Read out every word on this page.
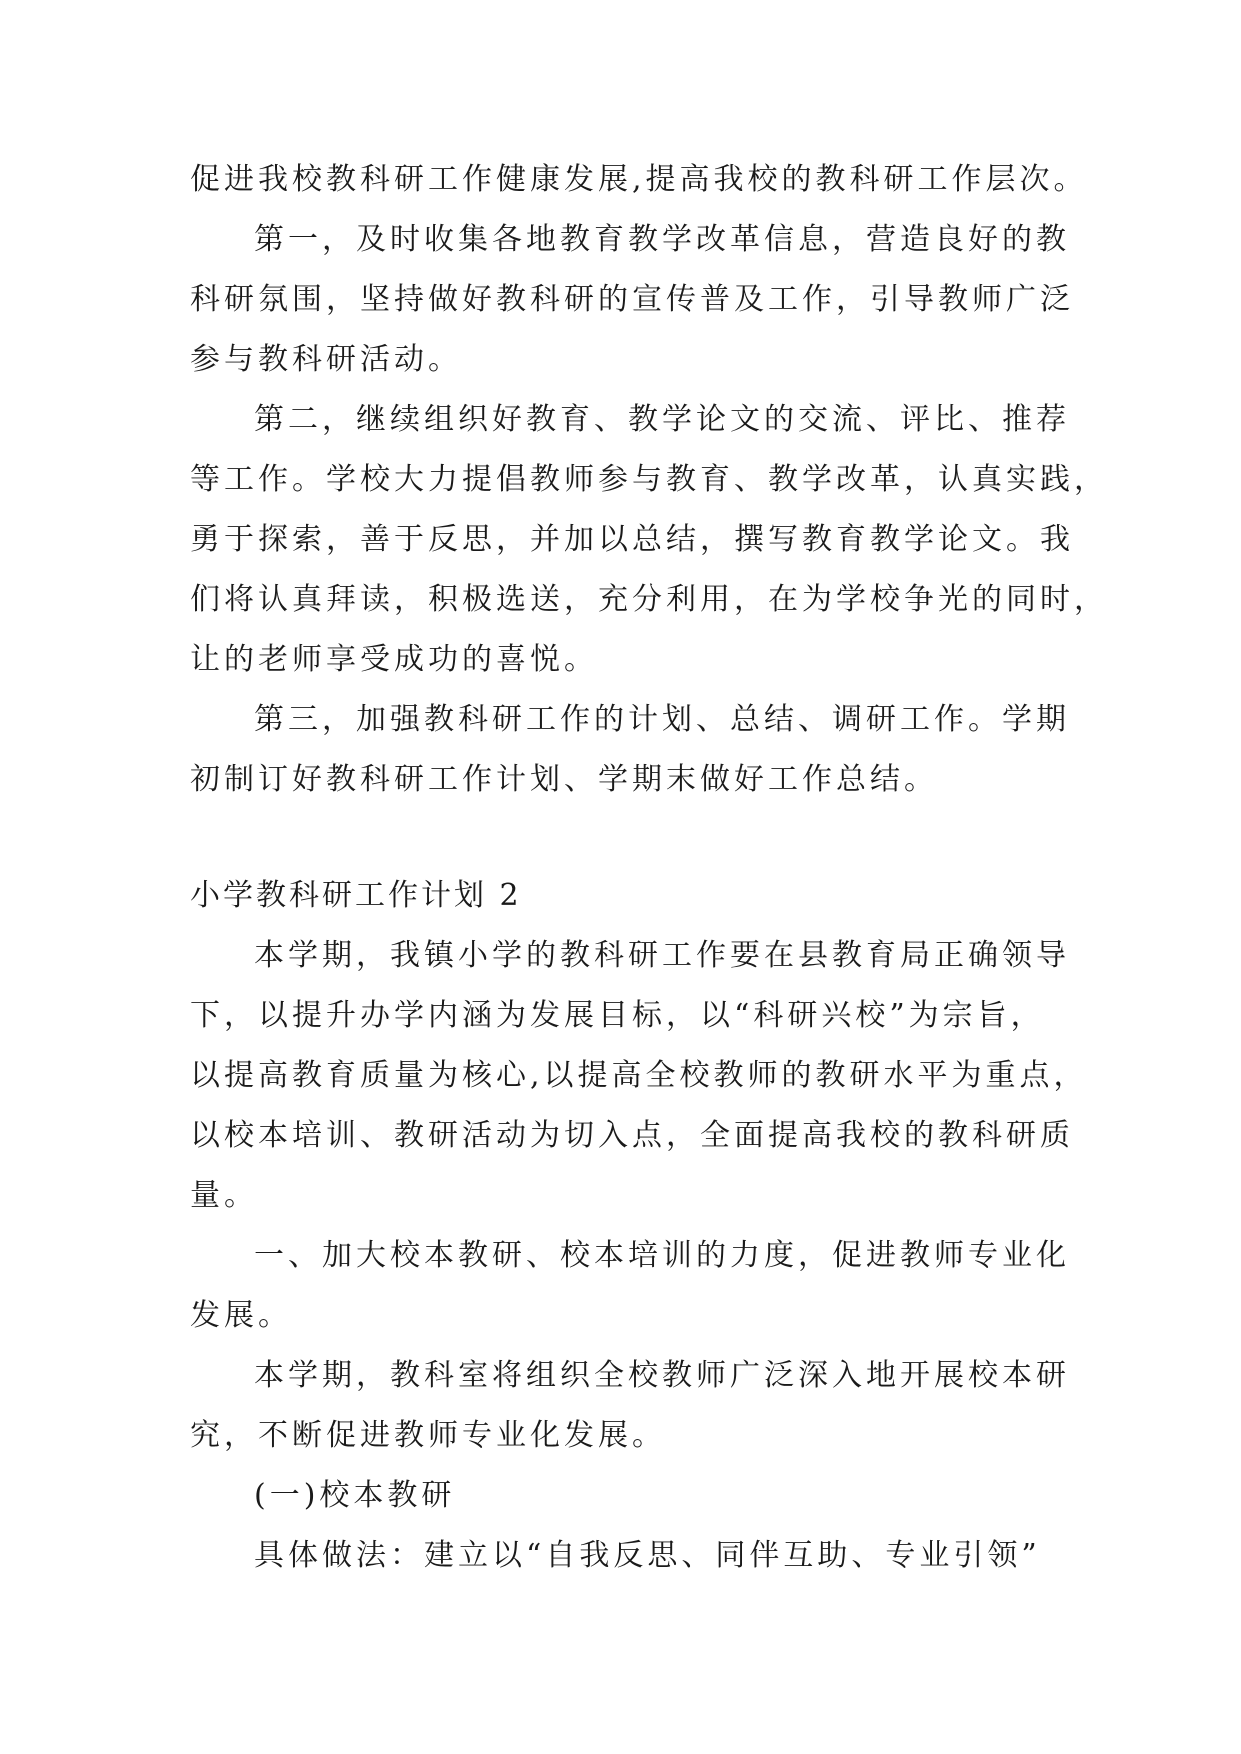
促进我校教科研工作健康发展,提高我校的教科研工作层次。
第一，及时收集各地教育教学改革信息，营造良好的教
科研氛围，坚持做好教科研的宣传普及工作，引导教师广泛
参与教科研活动。
第二，继续组织好教育、教学论文的交流、评比、推荐
等工作。学校大力提倡教师参与教育、教学改革，认真实践，
勇于探索，善于反思，并加以总结，撰写教育教学论文。我
们将认真拜读，积极选送，充分利用，在为学校争光的同时，
让的老师享受成功的喜悦。
第三，加强教科研工作的计划、总结、调研工作。学期
初制订好教科研工作计划、学期末做好工作总结。
小学教科研工作计划 2
本学期，我镇小学的教科研工作要在县教育局正确领导
下，以提升办学内涵为发展目标，以“科研兴校”为宗旨，
以提高教育质量为核心,以提高全校教师的教研水平为重点，
以校本培训、教研活动为切入点，全面提高我校的教科研质
量。
一、加大校本教研、校本培训的力度，促进教师专业化
发展。
本学期，教科室将组织全校教师广泛深入地开展校本研
究，不断促进教师专业化发展。
(一)校本教研
具体做法：建立以“自我反思、同伴互助、专业引领”
